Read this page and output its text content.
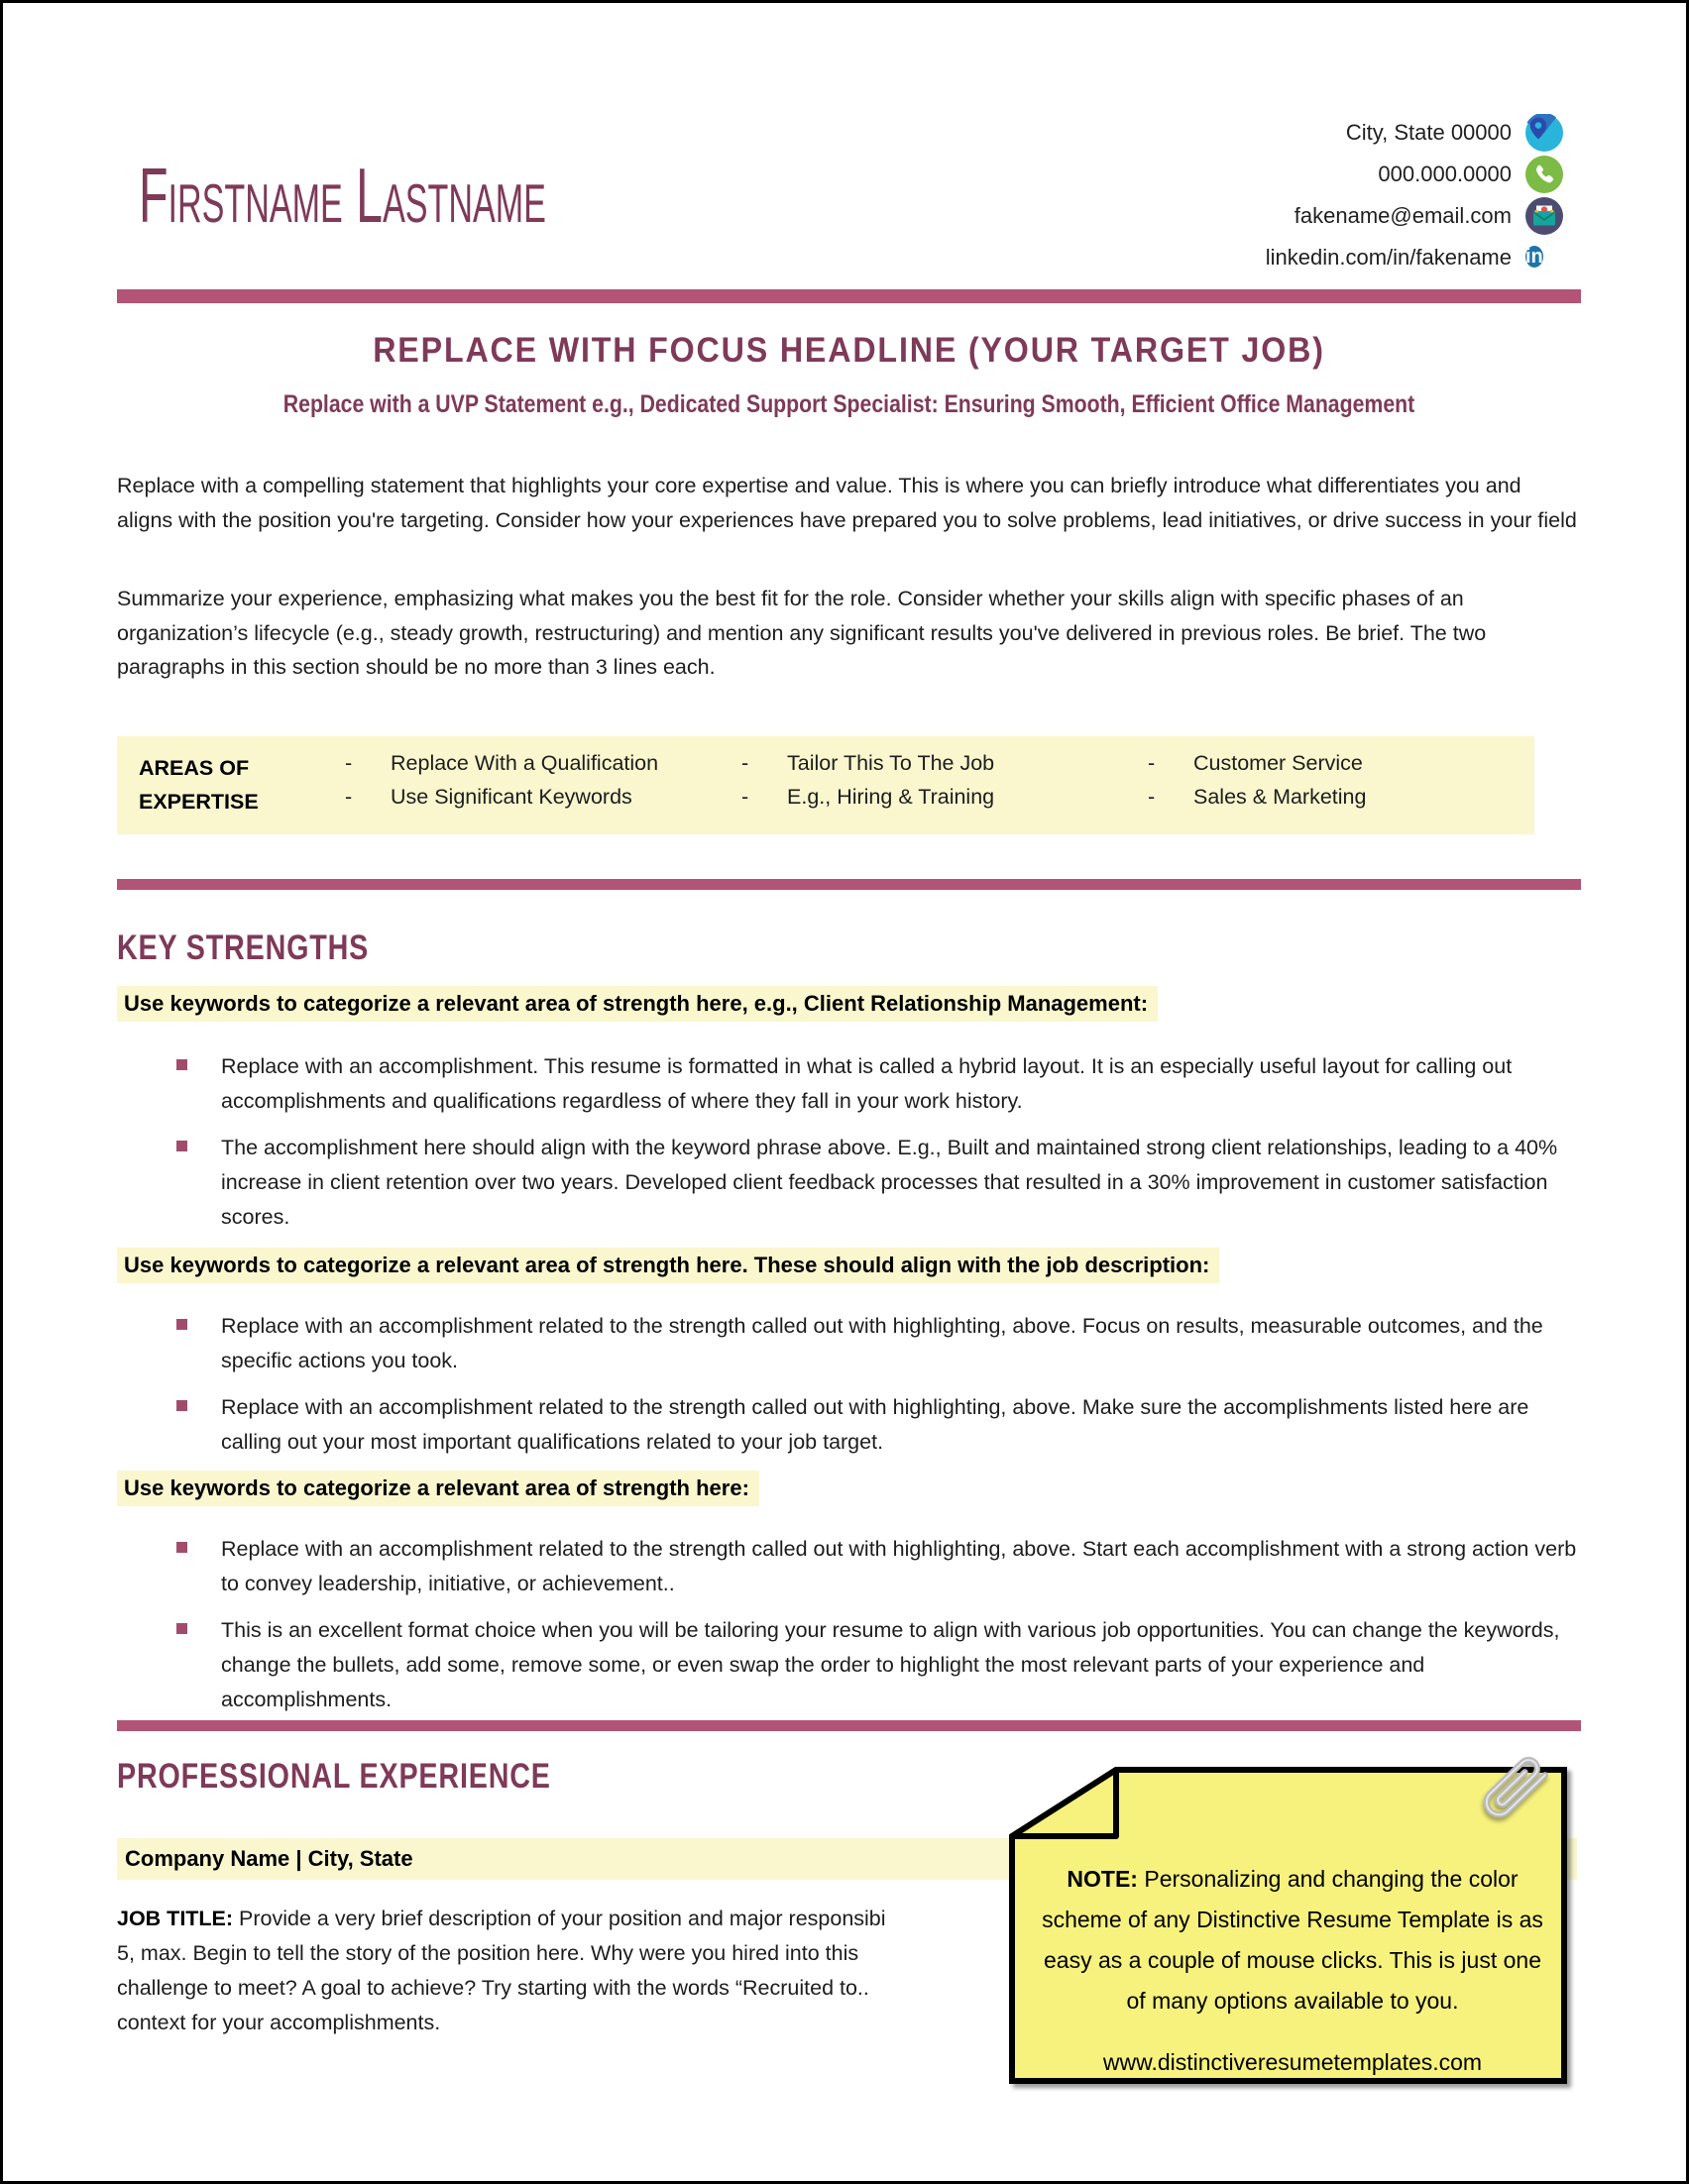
Firstname Lastname
City, State 00000
000.000.0000
fakename@email.com
linkedin.com/in/fakename in
REPLACE WITH FOCUS HEADLINE (YOUR TARGET JOB)
Replace with a UVP Statement e.g., Dedicated Support Specialist: Ensuring Smooth, Efficient Office Management
Replace with a compelling statement that highlights your core expertise and value. This is where you can briefly introduce what differentiates you and aligns with the position you're targeting. Consider how your experiences have prepared you to solve problems, lead initiatives, or drive success in your field
Summarize your experience, emphasizing what makes you the best fit for the role. Consider whether your skills align with specific phases of an organization’s lifecycle (e.g., steady growth, restructuring) and mention any significant results you've delivered in previous roles. Be brief. The two paragraphs in this section should be no more than 3 lines each.
AREAS OF
EXPERTISE
- Replace With a Qualification	- Tailor This To The Job	- Customer Service
- Use Significant Keywords	- E.g., Hiring & Training	- Sales & Marketing
KEY STRENGTHS
Use keywords to categorize a relevant area of strength here, e.g., Client Relationship Management:
Replace with an accomplishment. This resume is formatted in what is called a hybrid layout. It is an especially useful layout for calling out accomplishments and qualifications regardless of where they fall in your work history.
The accomplishment here should align with the keyword phrase above. E.g., Built and maintained strong client relationships, leading to a 40% increase in client retention over two years. Developed client feedback processes that resulted in a 30% improvement in customer satisfaction scores.
Use keywords to categorize a relevant area of strength here. These should align with the job description:
Replace with an accomplishment related to the strength called out with highlighting, above. Focus on results, measurable outcomes, and the specific actions you took.
Replace with an accomplishment related to the strength called out with highlighting, above. Make sure the accomplishments listed here are calling out your most important qualifications related to your job target.
Use keywords to categorize a relevant area of strength here:
Replace with an accomplishment related to the strength called out with highlighting, above. Start each accomplishment with a strong action verb to convey leadership, initiative, or achievement..
This is an excellent format choice when you will be tailoring your resume to align with various job opportunities. You can change the keywords, change the bullets, add some, remove some, or even swap the order to highlight the most relevant parts of your experience and accomplishments.
PROFESSIONAL EXPERIENCE
Company Name | City, State
JOB TITLE: Provide a very brief description of your position and major responsibi
5, max. Begin to tell the story of the position here. Why were you hired into this
challenge to meet? A goal to achieve? Try starting with the words “Recruited to..
context for your accomplishments.
NOTE: Personalizing and changing the color scheme of any Distinctive Resume Template is as easy as a couple of mouse clicks. This is just one of many options available to you.
www.distinctiveresumetemplates.com
